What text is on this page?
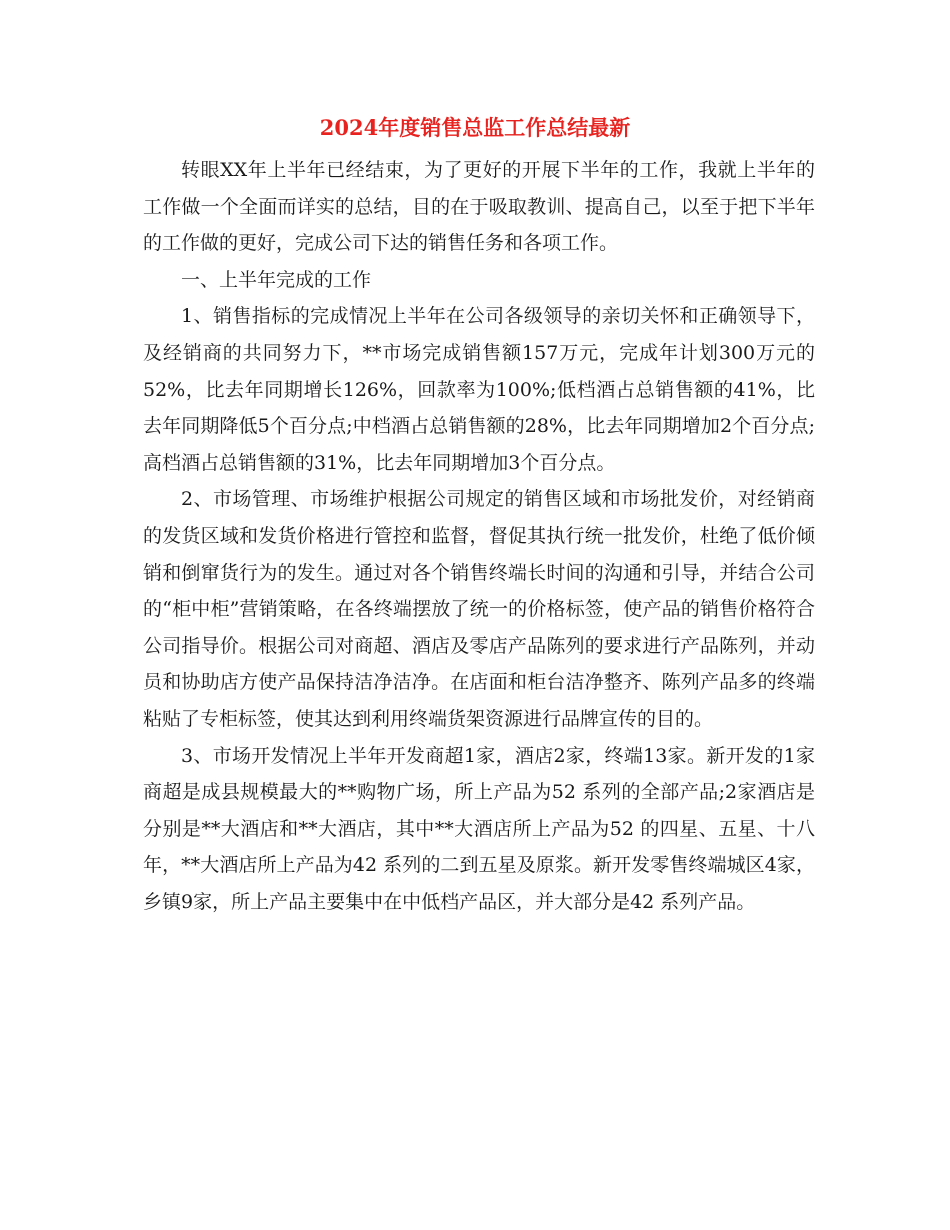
2024年度销售总监工作总结最新

转眼XX年上半年已经结束，为了更好的开展下半年的工作，我就上半年的工作做一个全面而详实的总结，目的在于吸取教训、提高自己，以至于把下半年的工作做的更好，完成公司下达的销售任务和各项工作。

一、上半年完成的工作

1、销售指标的完成情况上半年在公司各级领导的亲切关怀和正确领导下，及经销商的共同努力下，**市场完成销售额157万元，完成年计划300万元的52%，比去年同期增长126%，回款率为100%;低档酒占总销售额的41%，比去年同期降低5个百分点;中档酒占总销售额的28%，比去年同期增加2个百分点;高档酒占总销售额的31%，比去年同期增加3个百分点。

2、市场管理、市场维护根据公司规定的销售区域和市场批发价，对经销商的发货区域和发货价格进行管控和监督，督促其执行统一批发价，杜绝了低价倾销和倒窜货行为的发生。通过对各个销售终端长时间的沟通和引导，并结合公司的“柜中柜”营销策略，在各终端摆放了统一的价格标签，使产品的销售价格符合公司指导价。根据公司对商超、酒店及零店产品陈列的要求进行产品陈列，并动员和协助店方使产品保持洁净洁净。在店面和柜台洁净整齐、陈列产品多的终端粘贴了专柜标签，使其达到利用终端货架资源进行品牌宣传的目的。

3、市场开发情况上半年开发商超1家，酒店2家，终端13家。新开发的1家商超是成县规模最大的**购物广场，所上产品为52 系列的全部产品;2家酒店是分别是**大酒店和**大酒店，其中**大酒店所上产品为52 的四星、五星、十八年，**大酒店所上产品为42 系列的二到五星及原浆。新开发零售终端城区4家，乡镇9家，所上产品主要集中在中低档产品区，并大部分是42 系列产品。
